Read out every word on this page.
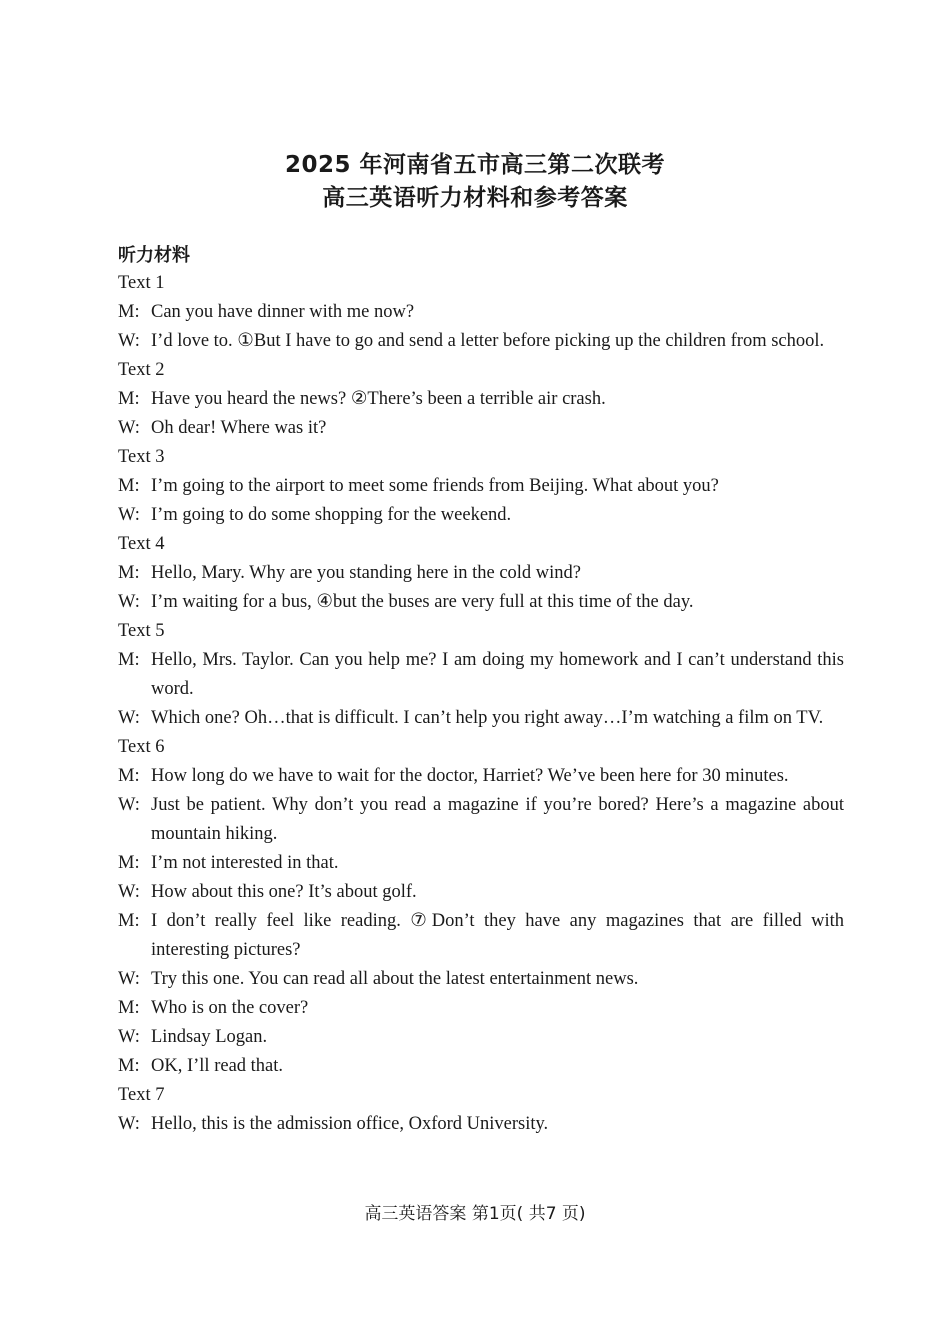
2025 年河南省五市高三第二次联考
高三英语听力材料和参考答案
听力材料
Text 1
M: Can you have dinner with me now?
W: I’d love to. ①But I have to go and send a letter before picking up the children from school.
Text 2
M: Have you heard the news? ②There’s been a terrible air crash.
W: Oh dear! Where was it?
Text 3
M: I’m going to the airport to meet some friends from Beijing. What about you?
W: I’m going to do some shopping for the weekend.
Text 4
M: Hello, Mary. Why are you standing here in the cold wind?
W: I’m waiting for a bus, ④but the buses are very full at this time of the day.
Text 5
M: Hello, Mrs. Taylor. Can you help me? I am doing my homework and I can’t understand this word.
W: Which one? Oh…that is difficult. I can’t help you right away…I’m watching a film on TV.
Text 6
M: How long do we have to wait for the doctor, Harriet? We’ve been here for 30 minutes.
W: Just be patient. Why don’t you read a magazine if you’re bored? Here’s a magazine about mountain hiking.
M: I’m not interested in that.
W: How about this one? It’s about golf.
M: I don’t really feel like reading. ⑦Don’t they have any magazines that are filled with interesting pictures?
W: Try this one. You can read all about the latest entertainment news.
M: Who is on the cover?
W: Lindsay Logan.
M: OK, I’ll read that.
Text 7
W: Hello, this is the admission office, Oxford University.
高三英语答案 第1页( 共7 页)
